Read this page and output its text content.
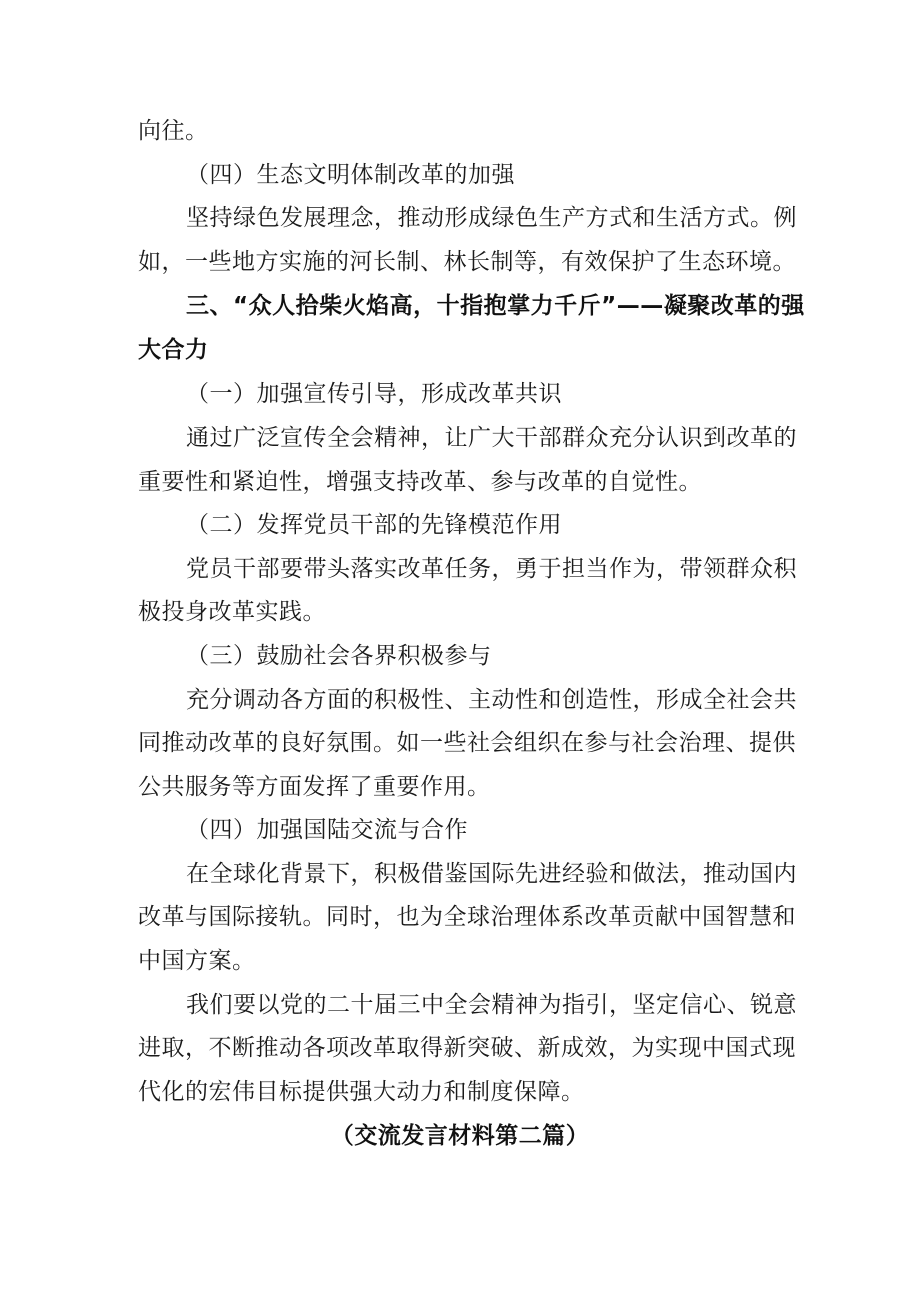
向往。
（四）生态文明体制改革的加强
坚持绿色发展理念，推动形成绿色生产方式和生活方式。例
如，一些地方实施的河长制、林长制等，有效保护了生态环境。
三、“众人拾柴火焰高，十指抱掌力千斤”——凝聚改革的强
大合力
（一）加强宣传引导，形成改革共识
通过广泛宣传全会精神，让广大干部群众充分认识到改革的
重要性和紧迫性，增强支持改革、参与改革的自觉性。
（二）发挥党员干部的先锋模范作用
党员干部要带头落实改革任务，勇于担当作为，带领群众积
极投身改革实践。
（三）鼓励社会各界积极参与
充分调动各方面的积极性、主动性和创造性，形成全社会共
同推动改革的良好氛围。如一些社会组织在参与社会治理、提供
公共服务等方面发挥了重要作用。
（四）加强国陆交流与合作
在全球化背景下，积极借鉴国际先进经验和做法，推动国内
改革与国际接轨。同时，也为全球治理体系改革贡献中国智慧和
中国方案。
我们要以党的二十届三中全会精神为指引，坚定信心、锐意
进取，不断推动各项改革取得新突破、新成效，为实现中国式现
代化的宏伟目标提供强大动力和制度保障。
（交流发言材料第二篇）
